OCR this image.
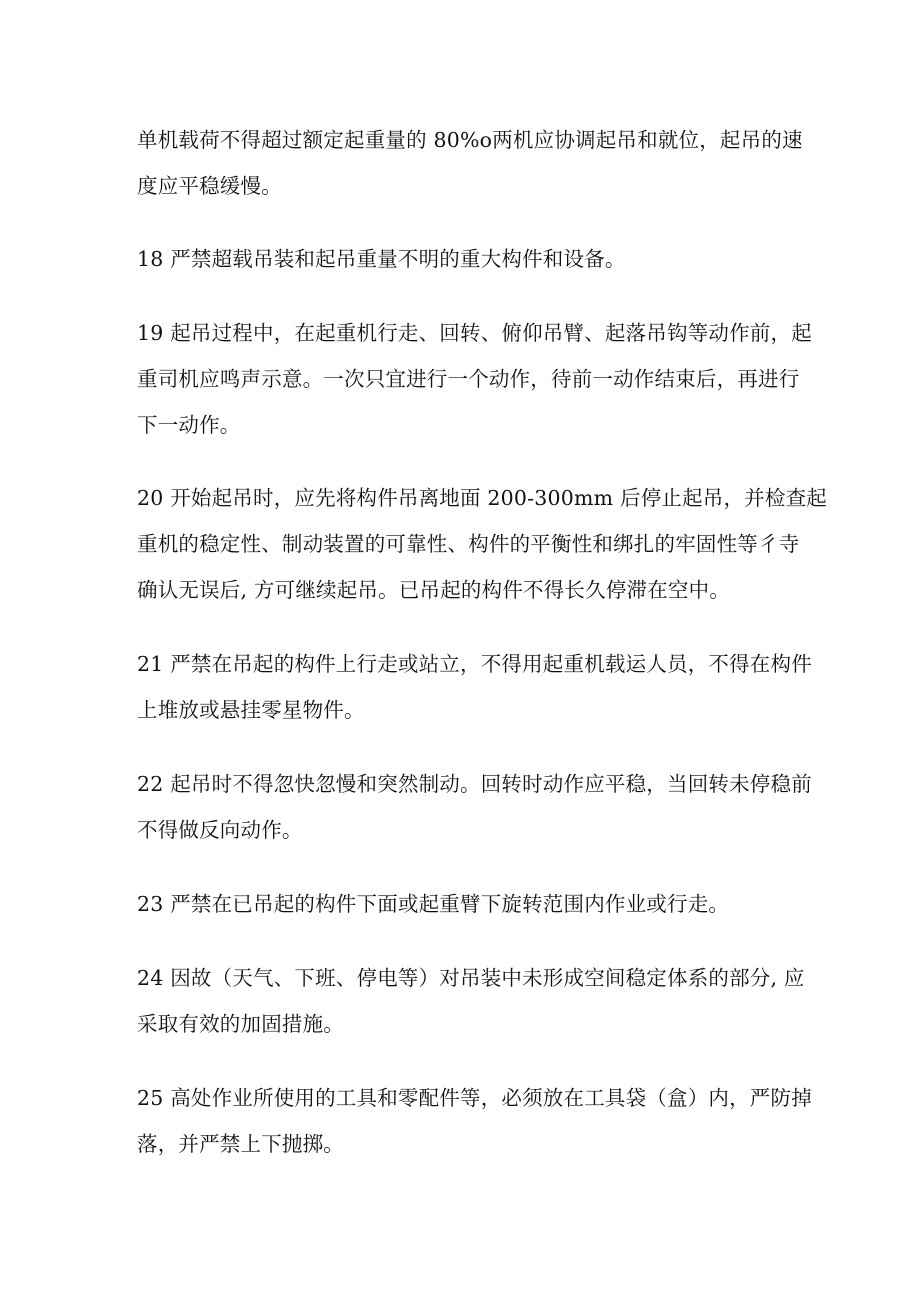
单机载荷不得超过额定起重量的 80%o两机应协调起吊和就位，起吊的速
度应平稳缓慢。

18 严禁超载吊装和起吊重量不明的重大构件和设备。

19 起吊过程中，在起重机行走、回转、俯仰吊臂、起落吊钩等动作前，起
重司机应鸣声示意。一次只宜进行一个动作，待前一动作结束后，再进行
下一动作。

20 开始起吊时，应先将构件吊离地面 200-300mm 后停止起吊，并检查起
重机的稳定性、制动装置的可靠性、构件的平衡性和绑扎的牢固性等彳寺
确认无误后, 方可继续起吊。已吊起的构件不得长久停滞在空中。

21 严禁在吊起的构件上行走或站立，不得用起重机载运人员，不得在构件
上堆放或悬挂零星物件。

22 起吊时不得忽快忽慢和突然制动。回转时动作应平稳，当回转未停稳前
不得做反向动作。

23 严禁在已吊起的构件下面或起重臂下旋转范围内作业或行走。

24 因故（天气、下班、停电等）对吊装中未形成空间稳定体系的部分, 应
采取有效的加固措施。

25 高处作业所使用的工具和零配件等，必须放在工具袋（盒）内，严防掉
落，并严禁上下抛掷。
